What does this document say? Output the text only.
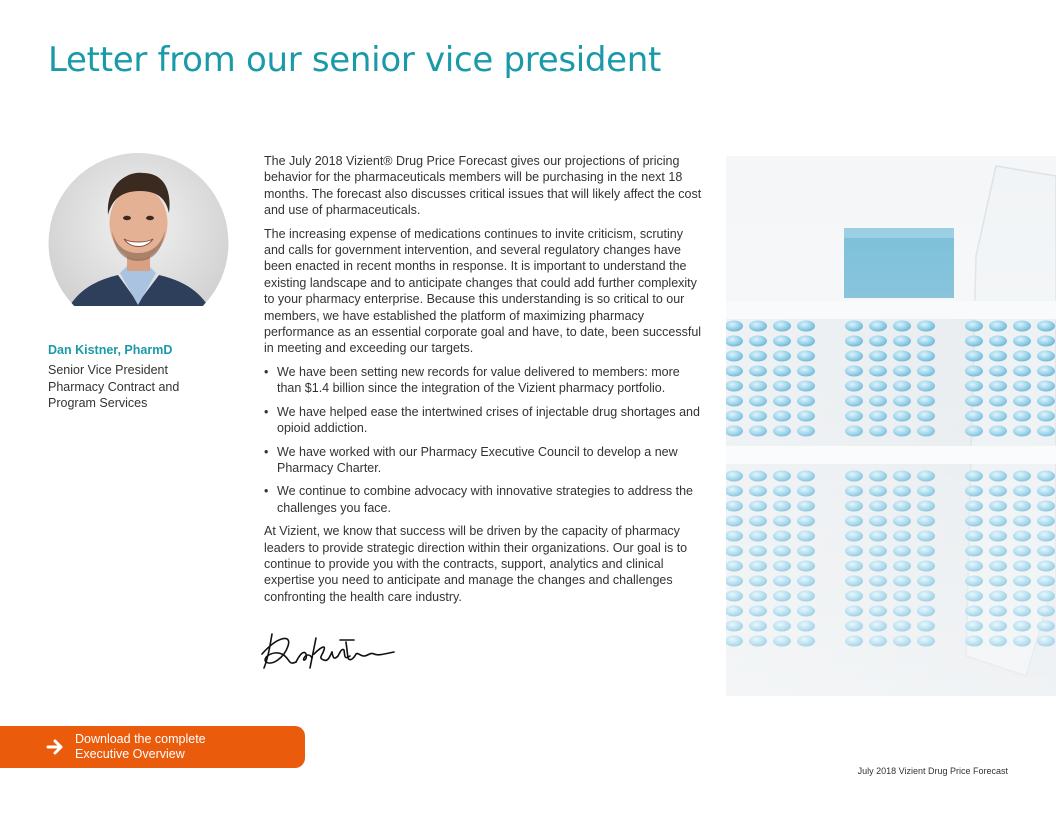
Letter from our senior vice president

Dan Kistner, PharmD

Senior Vice President
Pharmacy Contract and
Program Services

The July 2018 Vizient® Drug Price Forecast gives our projections of pricing behavior for the pharmaceuticals members will be purchasing in the next 18 months. The forecast also discusses critical issues that will likely affect the cost and use of pharmaceuticals.

The increasing expense of medications continues to invite criticism, scrutiny and calls for government intervention, and several regulatory changes have been enacted in recent months in response. It is important to understand the existing landscape and to anticipate changes that could add further complexity to your pharmacy enterprise. Because this understanding is so critical to our members, we have established the platform of maximizing pharmacy performance as an essential corporate goal and have, to date, been successful in meeting and exceeding our targets.

• We have been setting new records for value delivered to members: more than $1.4 billion since the integration of the Vizient pharmacy portfolio.
• We have helped ease the intertwined crises of injectable drug shortages and opioid addiction.
• We have worked with our Pharmacy Executive Council to develop a new Pharmacy Charter.
• We continue to combine advocacy with innovative strategies to address the challenges you face.

At Vizient, we know that success will be driven by the capacity of pharmacy leaders to provide strategic direction within their organizations. Our goal is to continue to provide you with the contracts, support, analytics and clinical expertise you need to anticipate and manage the changes and challenges confronting the health care industry.

Download the complete
Executive Overview
July 2018 Vizient Drug Price Forecast
